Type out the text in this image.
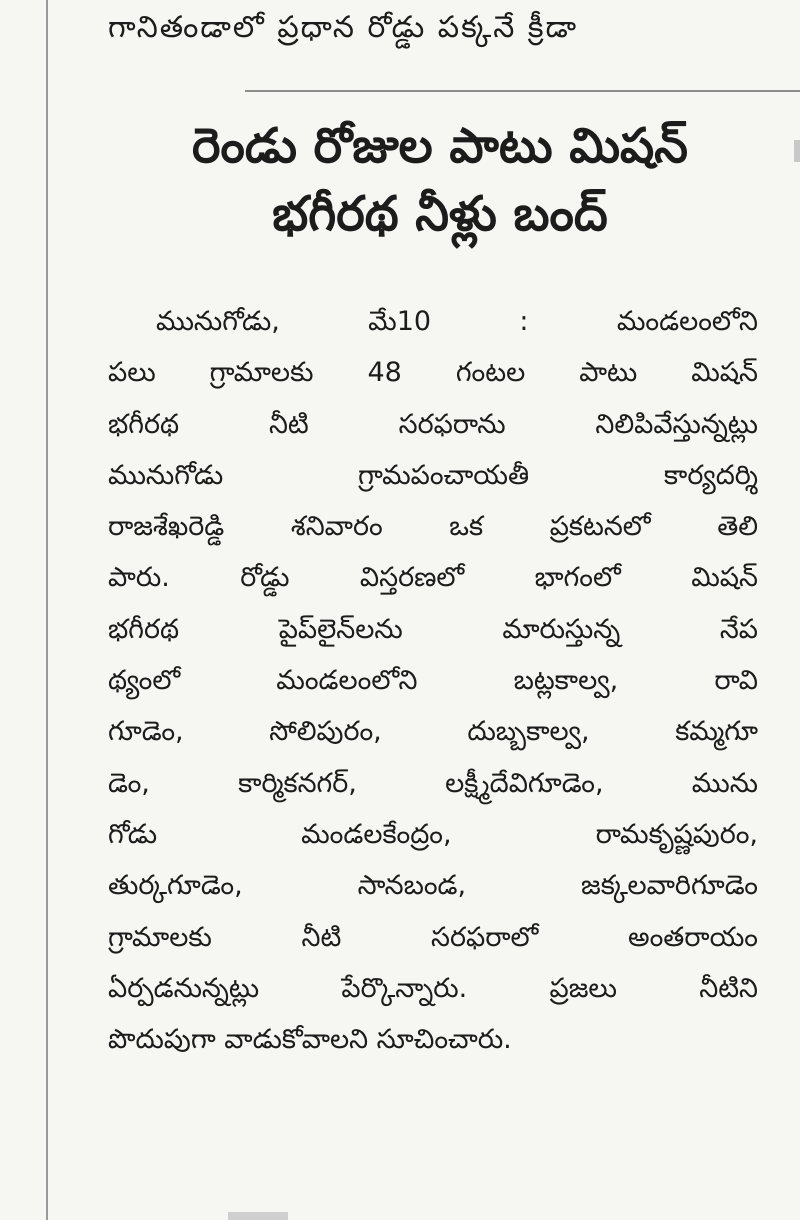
గానితండాలో ప్రధాన రోడ్డు పక్కనే క్రీడా
రెండు రోజుల పాటు మిషన్
భగీరథ నీళ్లు బంద్
మునుగోడు, మే10 : మండలంలోని
పలు గ్రామాలకు 48 గంటల పాటు మిషన్
భగీరథ నీటి సరఫరాను నిలిపివేస్తున్నట్లు
మునుగోడు గ్రామపంచాయతీ కార్యదర్శి
రాజశేఖరెడ్డి శనివారం ఒక ప్రకటనలో తెలి
పారు. రోడ్డు విస్తరణలో భాగంలో మిషన్
భగీరథ పైప్‌లైన్‌లను మారుస్తున్న నేప
థ్యంలో మండలంలోని బట్లకాల్వ, రావి
గూడెం, సోలిపురం, దుబ్బకాల్వ, కమ్మగూ
డెం, కార్మికనగర్, లక్ష్మీదేవిగూడెం, మును
గోడు మండలకేంద్రం, రామకృష్ణపురం,
తుర్కగూడెం, సానబండ, జక్కలవారిగూడెం
గ్రామాలకు నీటి సరఫరాలో అంతరాయం
ఏర్పడనున్నట్లు పేర్కొన్నారు. ప్రజలు నీటిని
పొదుపుగా వాడుకోవాలని సూచించారు.
